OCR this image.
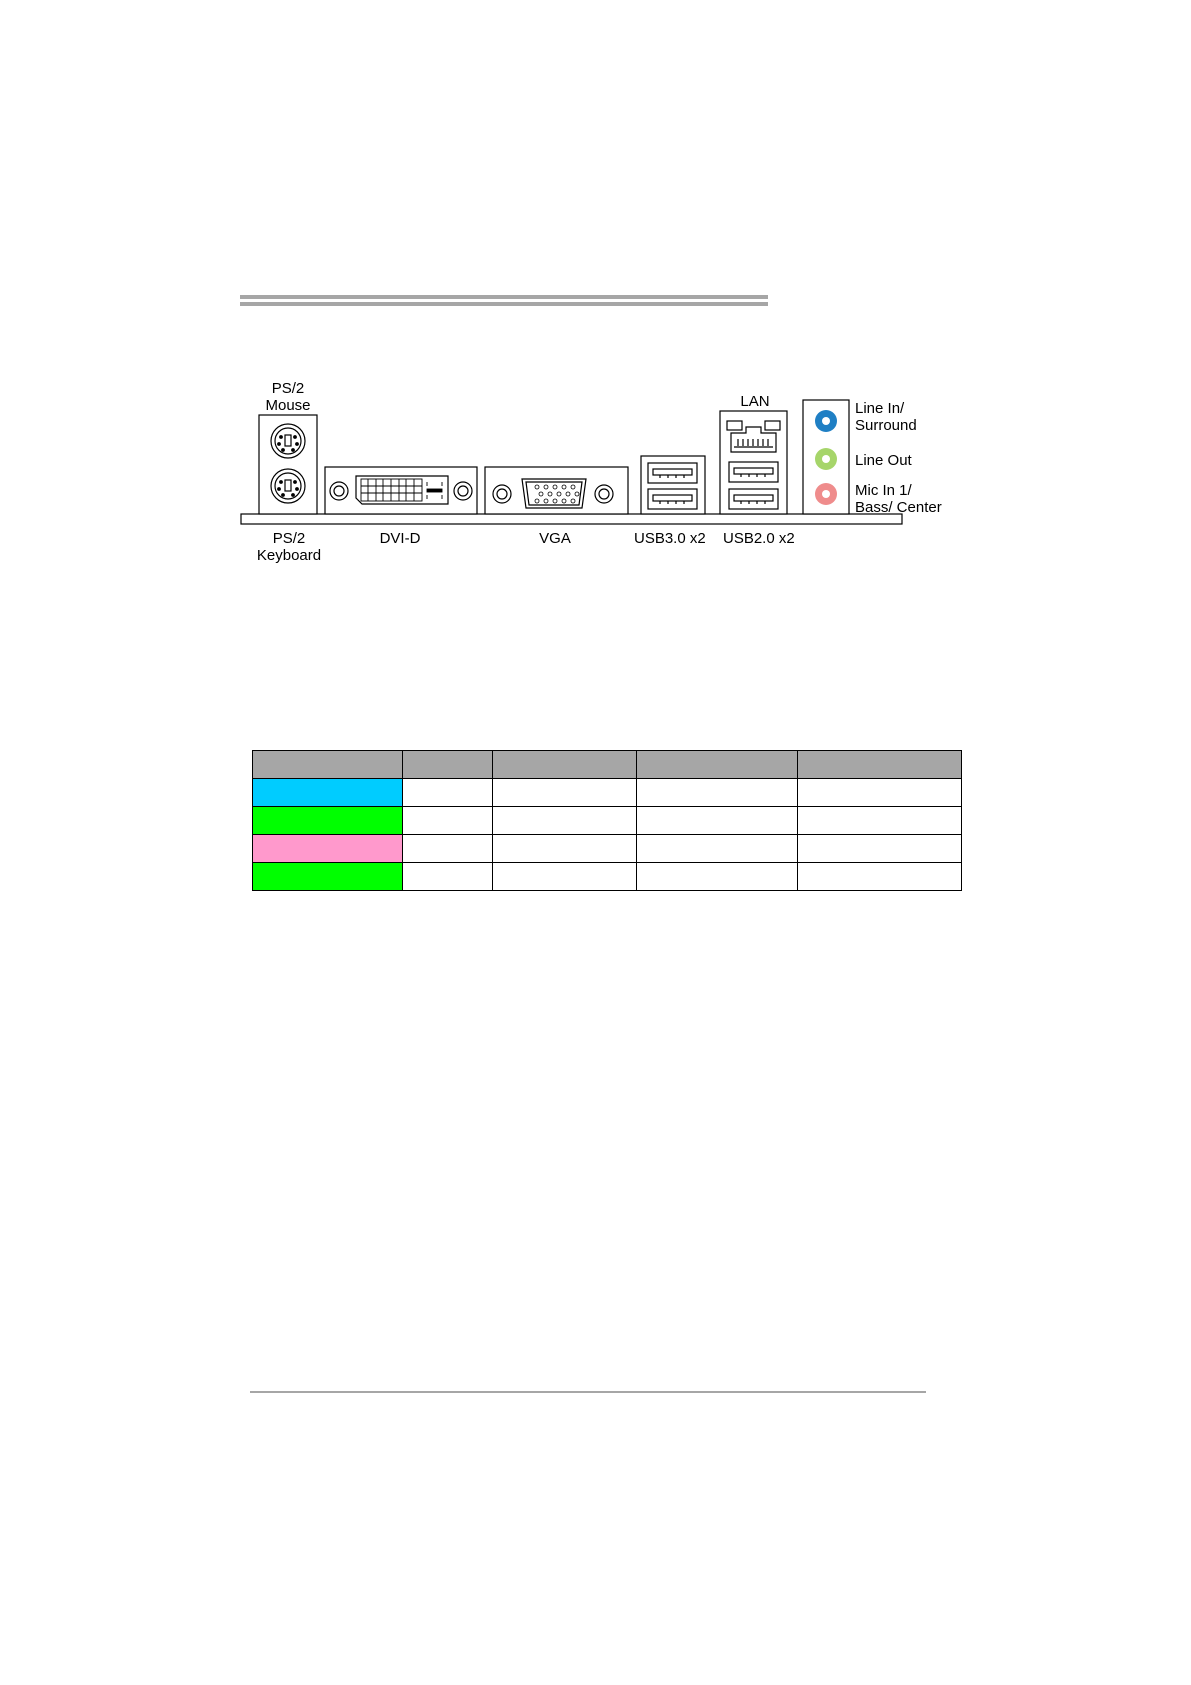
PS/2
Mouse
PS/2
Keyboard
DVI-D	VGA	USB3.0 x2 USB2.0 x2
LAN	Line In/
Surround
Line Out
Mic In 1/
Bass/ Center
